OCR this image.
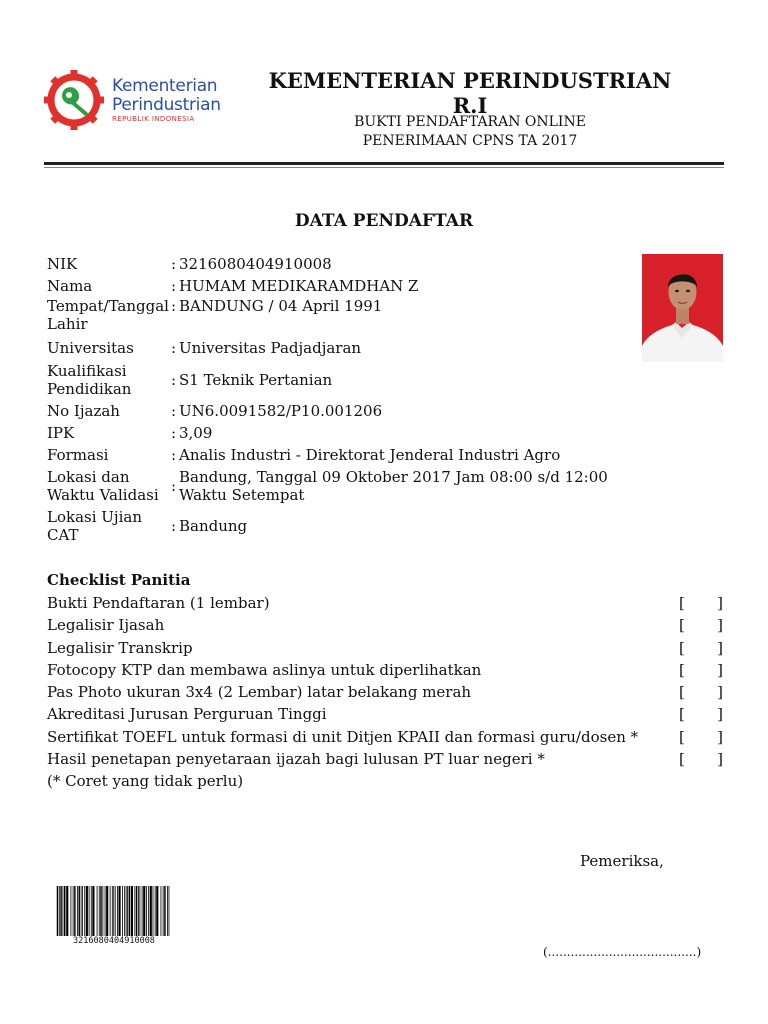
Kementerian
Perindustrian
REPUBLIK INDONESIA
KEMENTERIAN PERINDUSTRIAN R.I
BUKTI PENDAFTARAN ONLINE
PENERIMAAN CPNS TA 2017
DATA PENDAFTAR
NIK	: 3216080404910008
Nama	: HUMAM MEDIKARAMDHAN Z
Tempat/Tanggal Lahir
: BANDUNG / 04 April 1991
Universitas	: Universitas Padjadjaran
Kualifikasi Pendidikan	: S1 Teknik Pertanian
No Ijazah	: UN6.0091582/P10.001206
IPK	: 3,09
Formasi	: Analis Industri - Direktorat Jenderal Industri Agro
Lokasi dan Waktu Validasi : Bandung, Tanggal 09 Oktober 2017 Jam 08:00 s/d 12:00 Waktu Setempat
Lokasi Ujian CAT	: Bandung
Checklist Panitia
Bukti Pendaftaran (1 lembar)	[ ]
Legalisir Ijasah	[ ]
Legalisir Transkrip	[ ]
Fotocopy KTP dan membawa aslinya untuk diperlihatkan	[ ]
Pas Photo ukuran 3x4 (2 Lembar) latar belakang merah	[ ]
Akreditasi Jurusan Perguruan Tinggi	[ ]
Sertifikat TOEFL untuk formasi di unit Ditjen KPAII dan formasi guru/dosen *	[ ]
Hasil penetapan penyetaraan ijazah bagi lulusan PT luar negeri *	[ ]
(* Coret yang tidak perlu)
Pemeriksa,
(.......................................)
3216080404910008
